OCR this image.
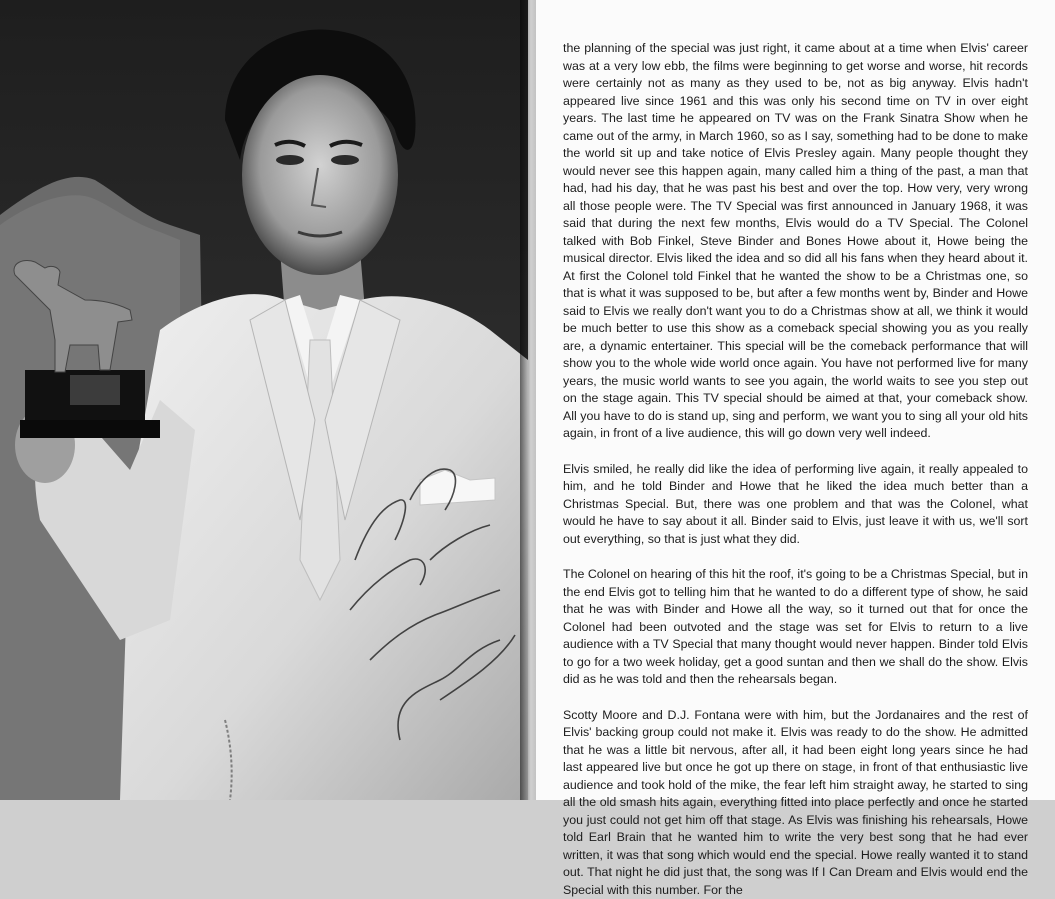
the planning of the special was just right, it came about at a time when Elvis' career was at a very low ebb, the films were beginning to get worse and worse, hit records were certainly not as many as they used to be, not as big anyway. Elvis hadn't appeared live since 1961 and this was only his second time on TV in over eight years. The last time he appeared on TV was on the Frank Sinatra Show when he came out of the army, in March 1960, so as I say, something had to be done to make the world sit up and take notice of Elvis Presley again. Many people thought they would never see this happen again, many called him a thing of the past, a man that had, had his day, that he was past his best and over the top. How very, very wrong all those people were. The TV Special was first announced in January 1968, it was said that during the next few months, Elvis would do a TV Special. The Colonel talked with Bob Finkel, Steve Binder and Bones Howe about it, Howe being the musical director. Elvis liked the idea and so did all his fans when they heard about it. At first the Colonel told Finkel that he wanted the show to be a Christmas one, so that is what it was supposed to be, but after a few months went by, Binder and Howe said to Elvis we really don't want you to do a Christmas show at all, we think it would be much better to use this show as a comeback special showing you as you really are, a dynamic entertainer. This special will be the comeback performance that will show you to the whole wide world once again. You have not performed live for many years, the music world wants to see you again, the world waits to see you step out on the stage again. This TV special should be aimed at that, your comeback show. All you have to do is stand up, sing and perform, we want you to sing all your old hits again, in front of a live audience, this will go down very well indeed.

Elvis smiled, he really did like the idea of performing live again, it really appealed to him, and he told Binder and Howe that he liked the idea much better than a Christmas Special. But, there was one problem and that was the Colonel, what would he have to say about it all. Binder said to Elvis, just leave it with us, we'll sort out everything, so that is just what they did.

The Colonel on hearing of this hit the roof, it's going to be a Christmas Special, but in the end Elvis got to telling him that he wanted to do a different type of show, he said that he was with Binder and Howe all the way, so it turned out that for once the Colonel had been outvoted and the stage was set for Elvis to return to a live audience with a TV Special that many thought would never happen. Binder told Elvis to go for a two week holiday, get a good suntan and then we shall do the show. Elvis did as he was told and then the rehearsals began.

Scotty Moore and D.J. Fontana were with him, but the Jordanaires and the rest of Elvis' backing group could not make it. Elvis was ready to do the show. He admitted that he was a little bit nervous, after all, it had been eight long years since he had last appeared live but once he got up there on stage, in front of that enthusiastic live audience and took hold of the mike, the fear left him straight away, he started to sing all the old smash hits again, everything fitted into place perfectly and once he started you just could not get him off that stage. As Elvis was finishing his rehearsals, Howe told Earl Brain that he wanted him to write the very best song that he had ever written, it was that song which would end the special. Howe really wanted it to stand out. That night he did just that, the song was If I Can Dream and Elvis would end the Special with this number. For the
